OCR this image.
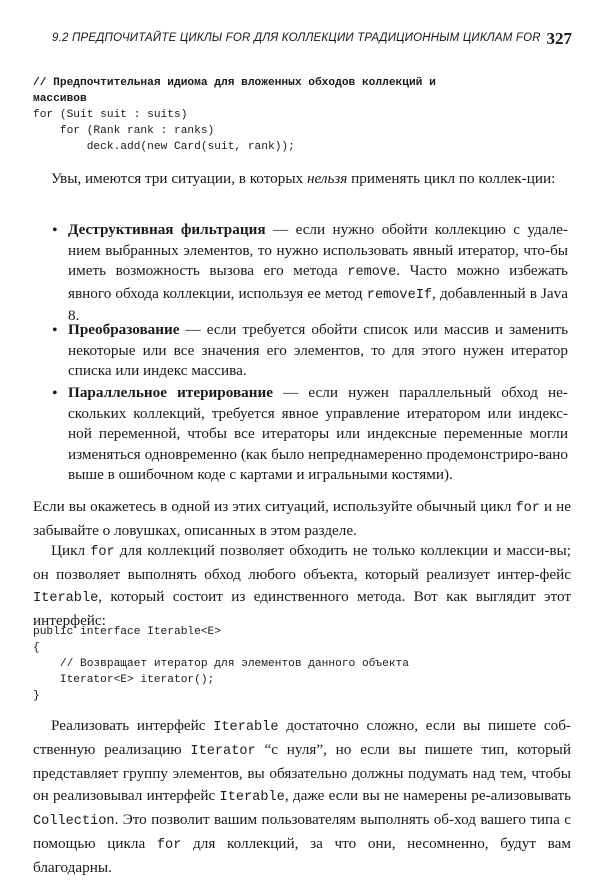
9.2 ПРЕДПОЧИТАЙТЕ ЦИКЛЫ FOR ДЛЯ КОЛЛЕКЦИИ ТРАДИЦИОННЫМ ЦИКЛАМ FOR 327
// Предпочтительная идиома для вложенных обходов коллекций и
массивов
for (Suit suit : suits)
for (Rank rank : ranks)
deck.add(new Card(suit, rank));
Увы, имеются три ситуации, в которых нельзя применять цикл по коллек-ции:
• Деструктивная фильтрация — если нужно обойти коллекцию с удале-нием выбранных элементов, то нужно использовать явный итератор, что-бы иметь возможность вызова его метода remove. Часто можно избежать явного обхода коллекции, используя ее метод removeIf, добавленный в Java 8.
• Преобразование — если требуется обойти список или массив и заменить некоторые или все значения его элементов, то для этого нужен итератор списка или индекс массива.
• Параллельное итерирование — если нужен параллельный обход не-скольких коллекций, требуется явное управление итератором или индекс-ной переменной, чтобы все итераторы или индексные переменные могли изменяться одновременно (как было непреднамеренно продемонстриро-вано выше в ошибочном коде с картами и игральными костями).
Если вы окажетесь в одной из этих ситуаций, используйте обычный цикл for и не забывайте о ловушках, описанных в этом разделе.
Цикл for для коллекций позволяет обходить не только коллекции и масси-вы; он позволяет выполнять обход любого объекта, который реализует интер-фейс Iterable, который состоит из единственного метода. Вот как выглядит этот интерфейс:
public interface Iterable<E>
{
// Возвращает итератор для элементов данного объекта
Iterator<E> iterator();
}
Реализовать интерфейс Iterable достаточно сложно, если вы пишете соб-ственную реализацию Iterator “с нуля”, но если вы пишете тип, который представляет группу элементов, вы обязательно должны подумать над тем, чтобы он реализовывал интерфейс Iterable, даже если вы не намерены ре-ализовывать Collection. Это позволит вашим пользователям выполнять об-ход вашего типа с помощью цикла for для коллекций, за что они, несомненно, будут вам благодарны.
